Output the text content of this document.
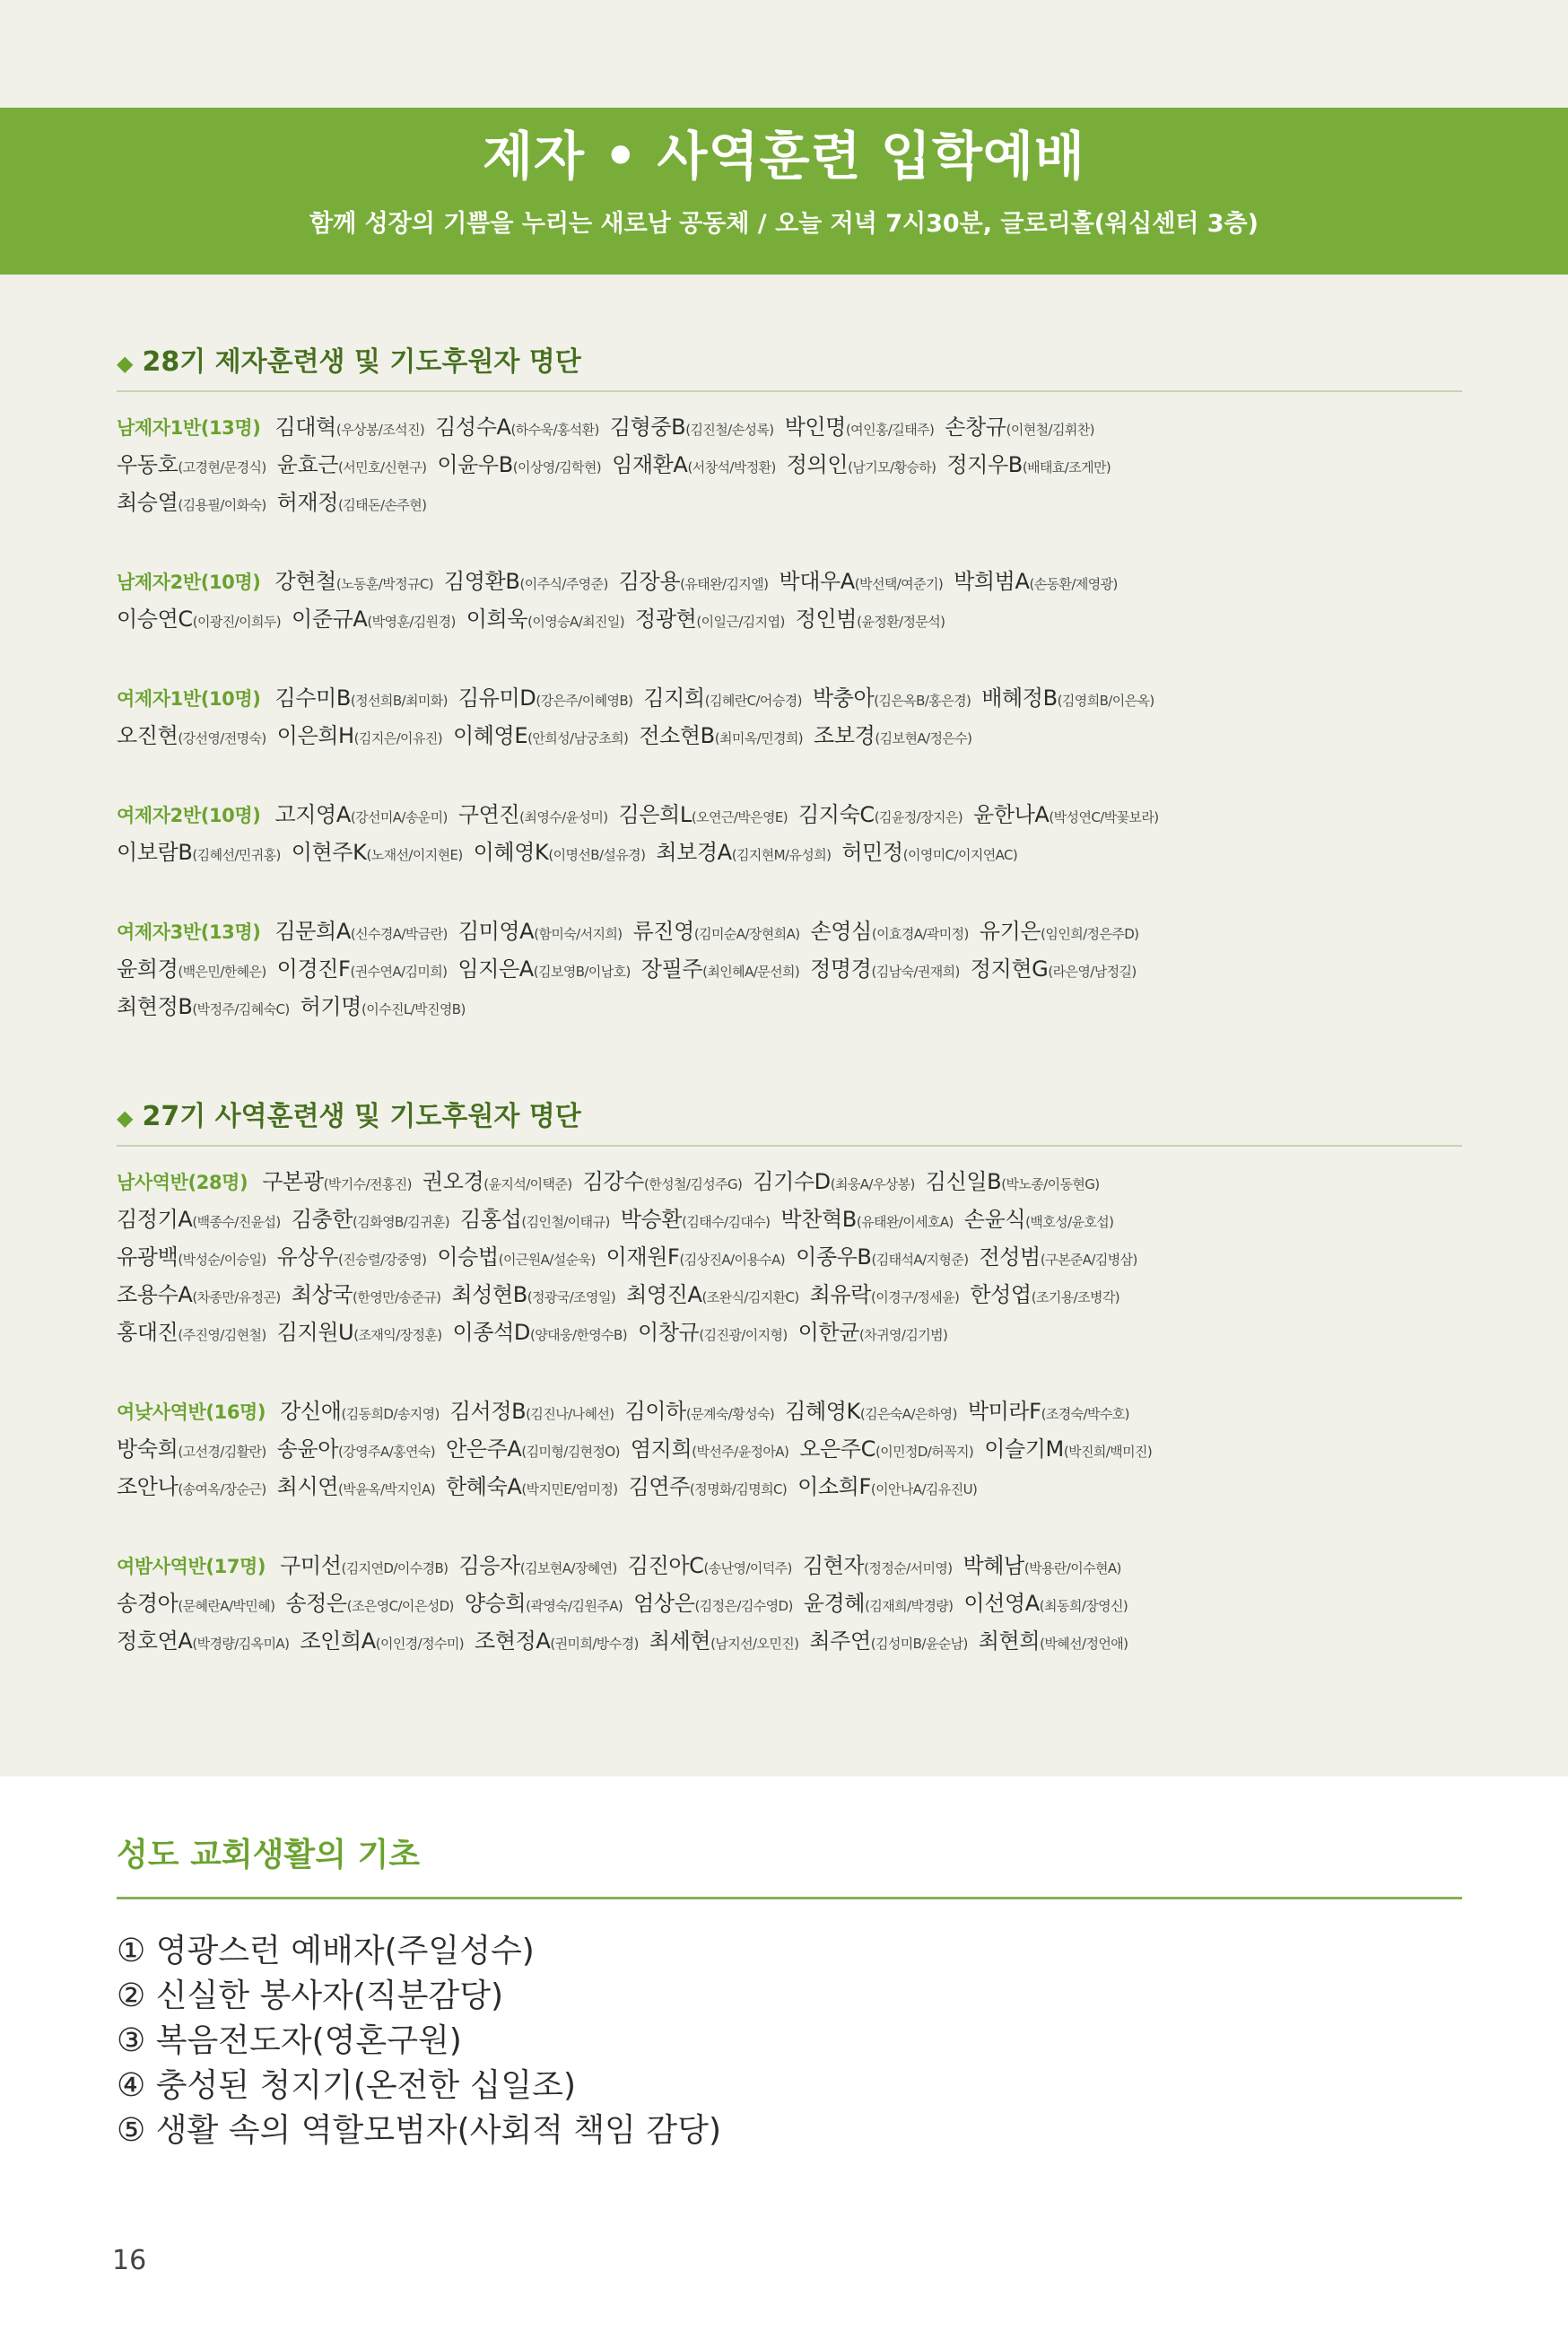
제자 • 사역훈련 입학예배
함께 성장의 기쁨을 누리는 새로남 공동체 / 오늘 저녁 7시30분, 글로리홀(워십센터 3층)
◆ 28기 제자훈련생 및 기도후원자 명단
남제자1반(13명) 김대혁(우상봉/조석진) 김성수A(하수욱/홍석환) 김형중B(김진철/손성록) 박인명(여인홍/길태주) 손창규(이현철/김휘찬)
우동호(고경현/문경식) 윤효근(서민호/신현구) 이윤우B(이상영/김학현) 임재환A(서창석/박정환) 정의인(남기모/황승하) 정지우B(배태효/조게만)
최승열(김용필/이화숙) 허재정(김태돈/손주현)
남제자2반(10명) 강현철(노동훈/박정규C) 김영환B(이주식/주영준) 김장용(유태완/김지엘) 박대우A(박선택/여준기) 박희범A(손동환/제영광)
이승연C(이광진/이희두) 이준규A(박영훈/김원경) 이희욱(이영승A/최진일) 정광현(이일근/김지엽) 정인범(윤정환/정문석)
여제자1반(10명) 김수미B(정선희B/최미화) 김유미D(강은주/이혜영B) 김지희(김혜란C/어승경) 박충아(김은옥B/홍은경) 배혜정B(김영희B/이은옥)
오진현(강선영/전명숙) 이은희H(김지은/이유진) 이혜영E(안희성/남궁초희) 전소현B(최미옥/민경희) 조보경(김보현A/정은수)
여제자2반(10명) 고지영A(강선미A/송운미) 구연진(최영수/윤성미) 김은희L(오연근/박은영E) 김지숙C(김윤정/장지은) 윤한나A(박성연C/박꽃보라)
이보람B(김혜선/민귀홍) 이현주K(노재선/이지현E) 이혜영K(이명선B/설유경) 최보경A(김지현M/유성희) 허민정(이영미C/이지연AC)
여제자3반(13명) 김문희A(신수경A/박금란) 김미영A(함미숙/서지희) 류진영(김미순A/장현희A) 손영심(이효경A/곽미정) 유기은(임인희/정은주D)
윤희경(백은민/한혜은) 이경진F(권수연A/김미희) 임지은A(김보영B/이남호) 장필주(최인혜A/문선희) 정명경(김남숙/권재희) 정지현G(라은영/남정길)
최현정B(박정주/김혜숙C) 허기명(이수진L/박진영B)
◆ 27기 사역훈련생 및 기도후원자 명단
남사역반(28명) 구본광(박기수/전홍진) 권오경(윤지석/이택준) 김강수(한성철/김성주G) 김기수D(최웅A/우상봉) 김신일B(박노종/이동현G)
김정기A(백종수/진윤섭) 김충한(김화영B/김귀훈) 김홍섭(김인철/이태규) 박승환(김태수/김대수) 박찬혁B(유태완/이세호A) 손윤식(백호성/윤호섭)
유광백(박성순/이승일) 유상우(진승렬/강중영) 이승법(이근원A/설순욱) 이재원F(김상진A/이용수A) 이종우B(김태석A/지형준) 전성범(구본준A/김병삼)
조용수A(차종만/유정곤) 최상국(한영만/송준규) 최성현B(정광국/조영일) 최영진A(조완식/김지환C) 최유락(이경구/정세윤) 한성엽(조기용/조병각)
홍대진(주진영/김현철) 김지원U(조재익/장정훈) 이종석D(양대웅/한영수B) 이창규(김진광/이지형) 이한균(차귀영/김기범)
여낮사역반(16명) 강신애(김동희D/송지영) 김서정B(김진나/나혜선) 김이하(문계숙/황성숙) 김혜영K(김은숙A/은하영) 박미라F(조경숙/박수호)
방숙희(고선경/김활란) 송윤아(강영주A/홍연숙) 안은주A(김미형/김현정O) 염지희(박선주/윤정아A) 오은주C(이민정D/허꼭지) 이슬기M(박진희/백미진)
조안나(송여옥/장순근) 최시연(박윤옥/박지인A) 한혜숙A(박지민E/엄미정) 김연주(정명화/김명희C) 이소희F(이안나A/김유진U)
여밤사역반(17명) 구미선(김지연D/이수경B) 김응자(김보현A/장혜연) 김진아C(송난영/이덕주) 김현자(정정순/서미영) 박혜남(박용란/이수현A)
송경아(문혜란A/박민혜) 송정은(조은영C/이은성D) 양승희(곽영숙/김원주A) 엄상은(김정은/김수영D) 윤경혜(김재희/박경량) 이선영A(최동희/장영신)
정호연A(박경량/김옥미A) 조인희A(이인경/정수미) 조현정A(권미희/방수경) 최세현(남지선/오민진) 최주연(김성미B/윤순남) 최현희(박혜선/정언애)
성도 교회생활의 기초
① 영광스런 예배자(주일성수)
② 신실한 봉사자(직분감당)
③ 복음전도자(영혼구원)
④ 충성된 청지기(온전한 십일조)
⑤ 생활 속의 역할모범자(사회적 책임 감당)
16
